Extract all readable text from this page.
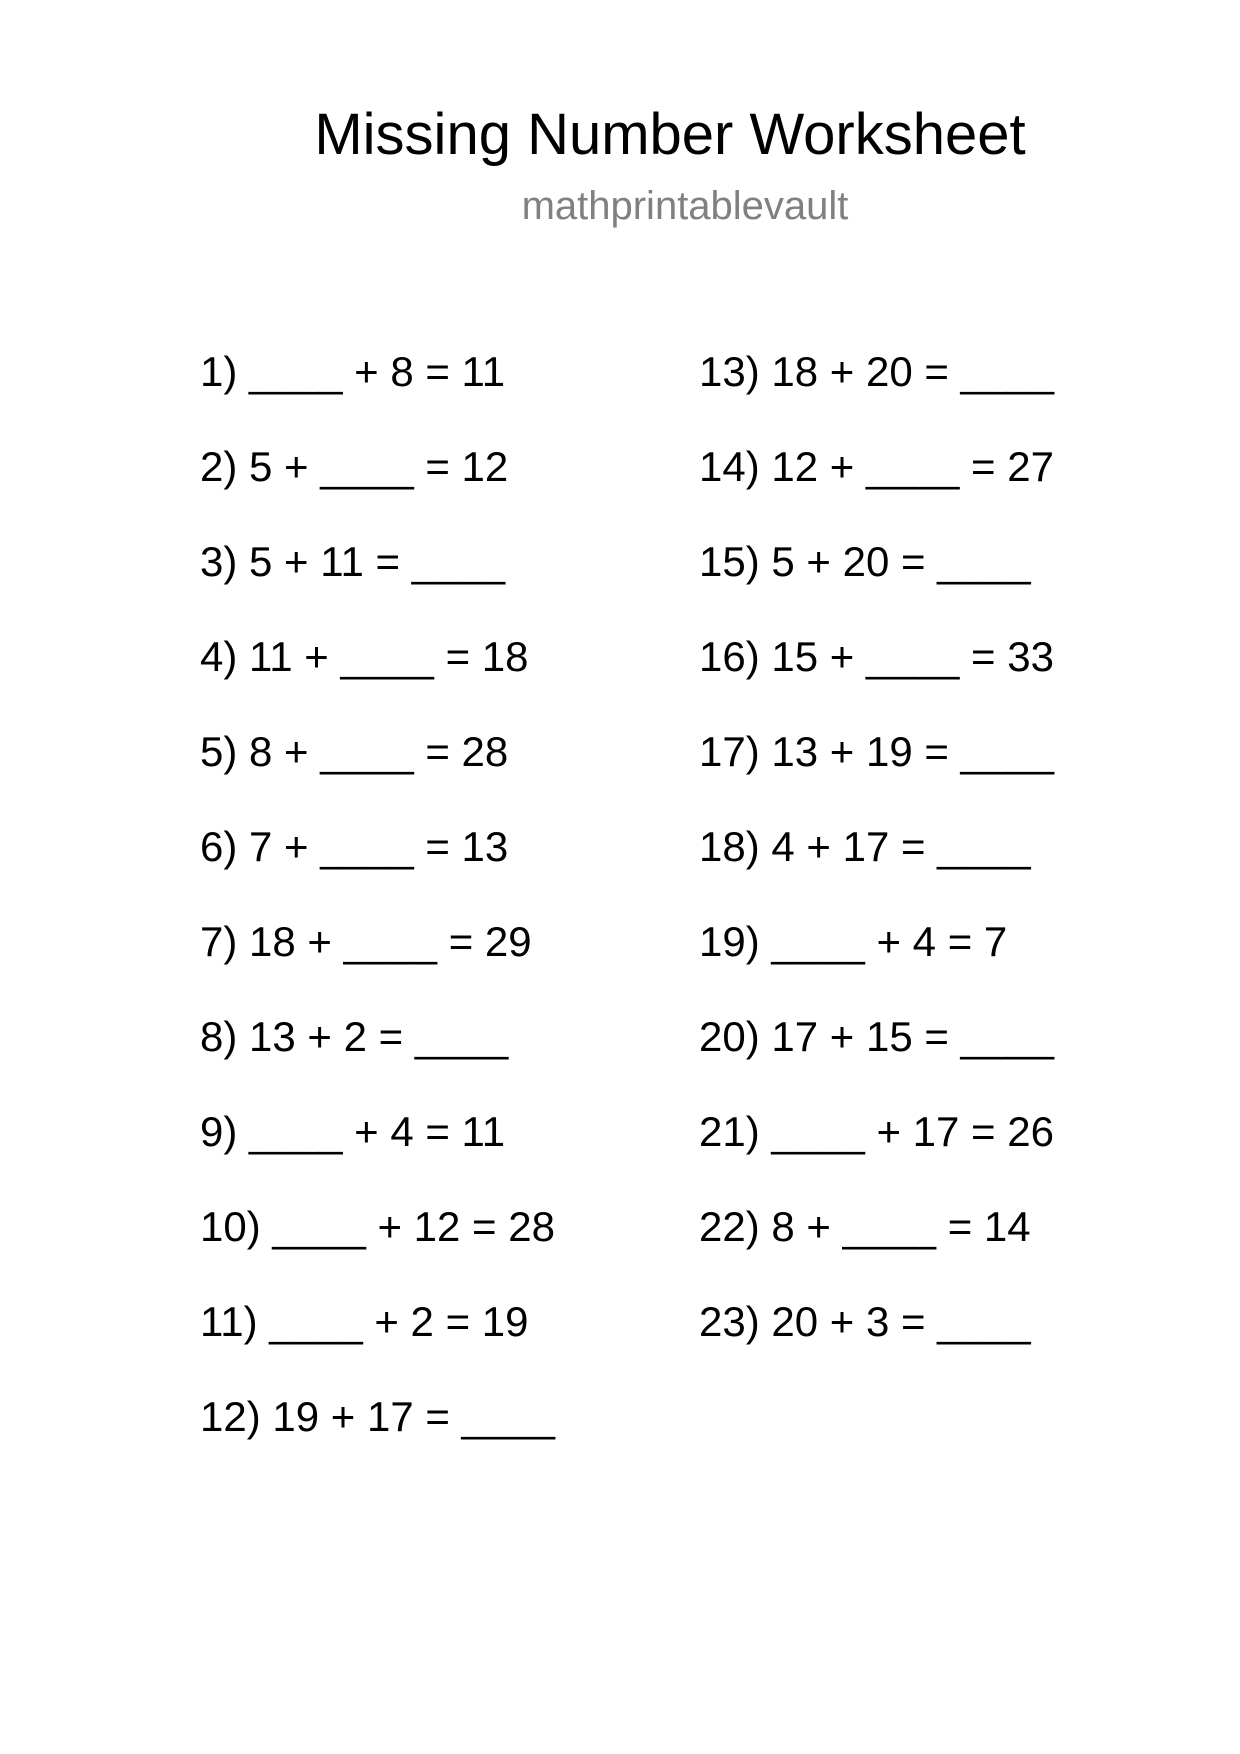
Missing Number Worksheet
mathprintablevault
1) ____ + 8 = 11
2) 5 + ____ = 12
3) 5 + 11 = ____
4) 11 + ____ = 18
5) 8 + ____ = 28
6) 7 + ____ = 13
7) 18 + ____ = 29
8) 13 + 2 = ____
9) ____ + 4 = 11
10) ____ + 12 = 28
11) ____ + 2 = 19
12) 19 + 17 = ____
13) 18 + 20 = ____
14) 12 + ____ = 27
15) 5 + 20 = ____
16) 15 + ____ = 33
17) 13 + 19 = ____
18) 4 + 17 = ____
19) ____ + 4 = 7
20) 17 + 15 = ____
21) ____ + 17 = 26
22) 8 + ____ = 14
23) 20 + 3 = ____
